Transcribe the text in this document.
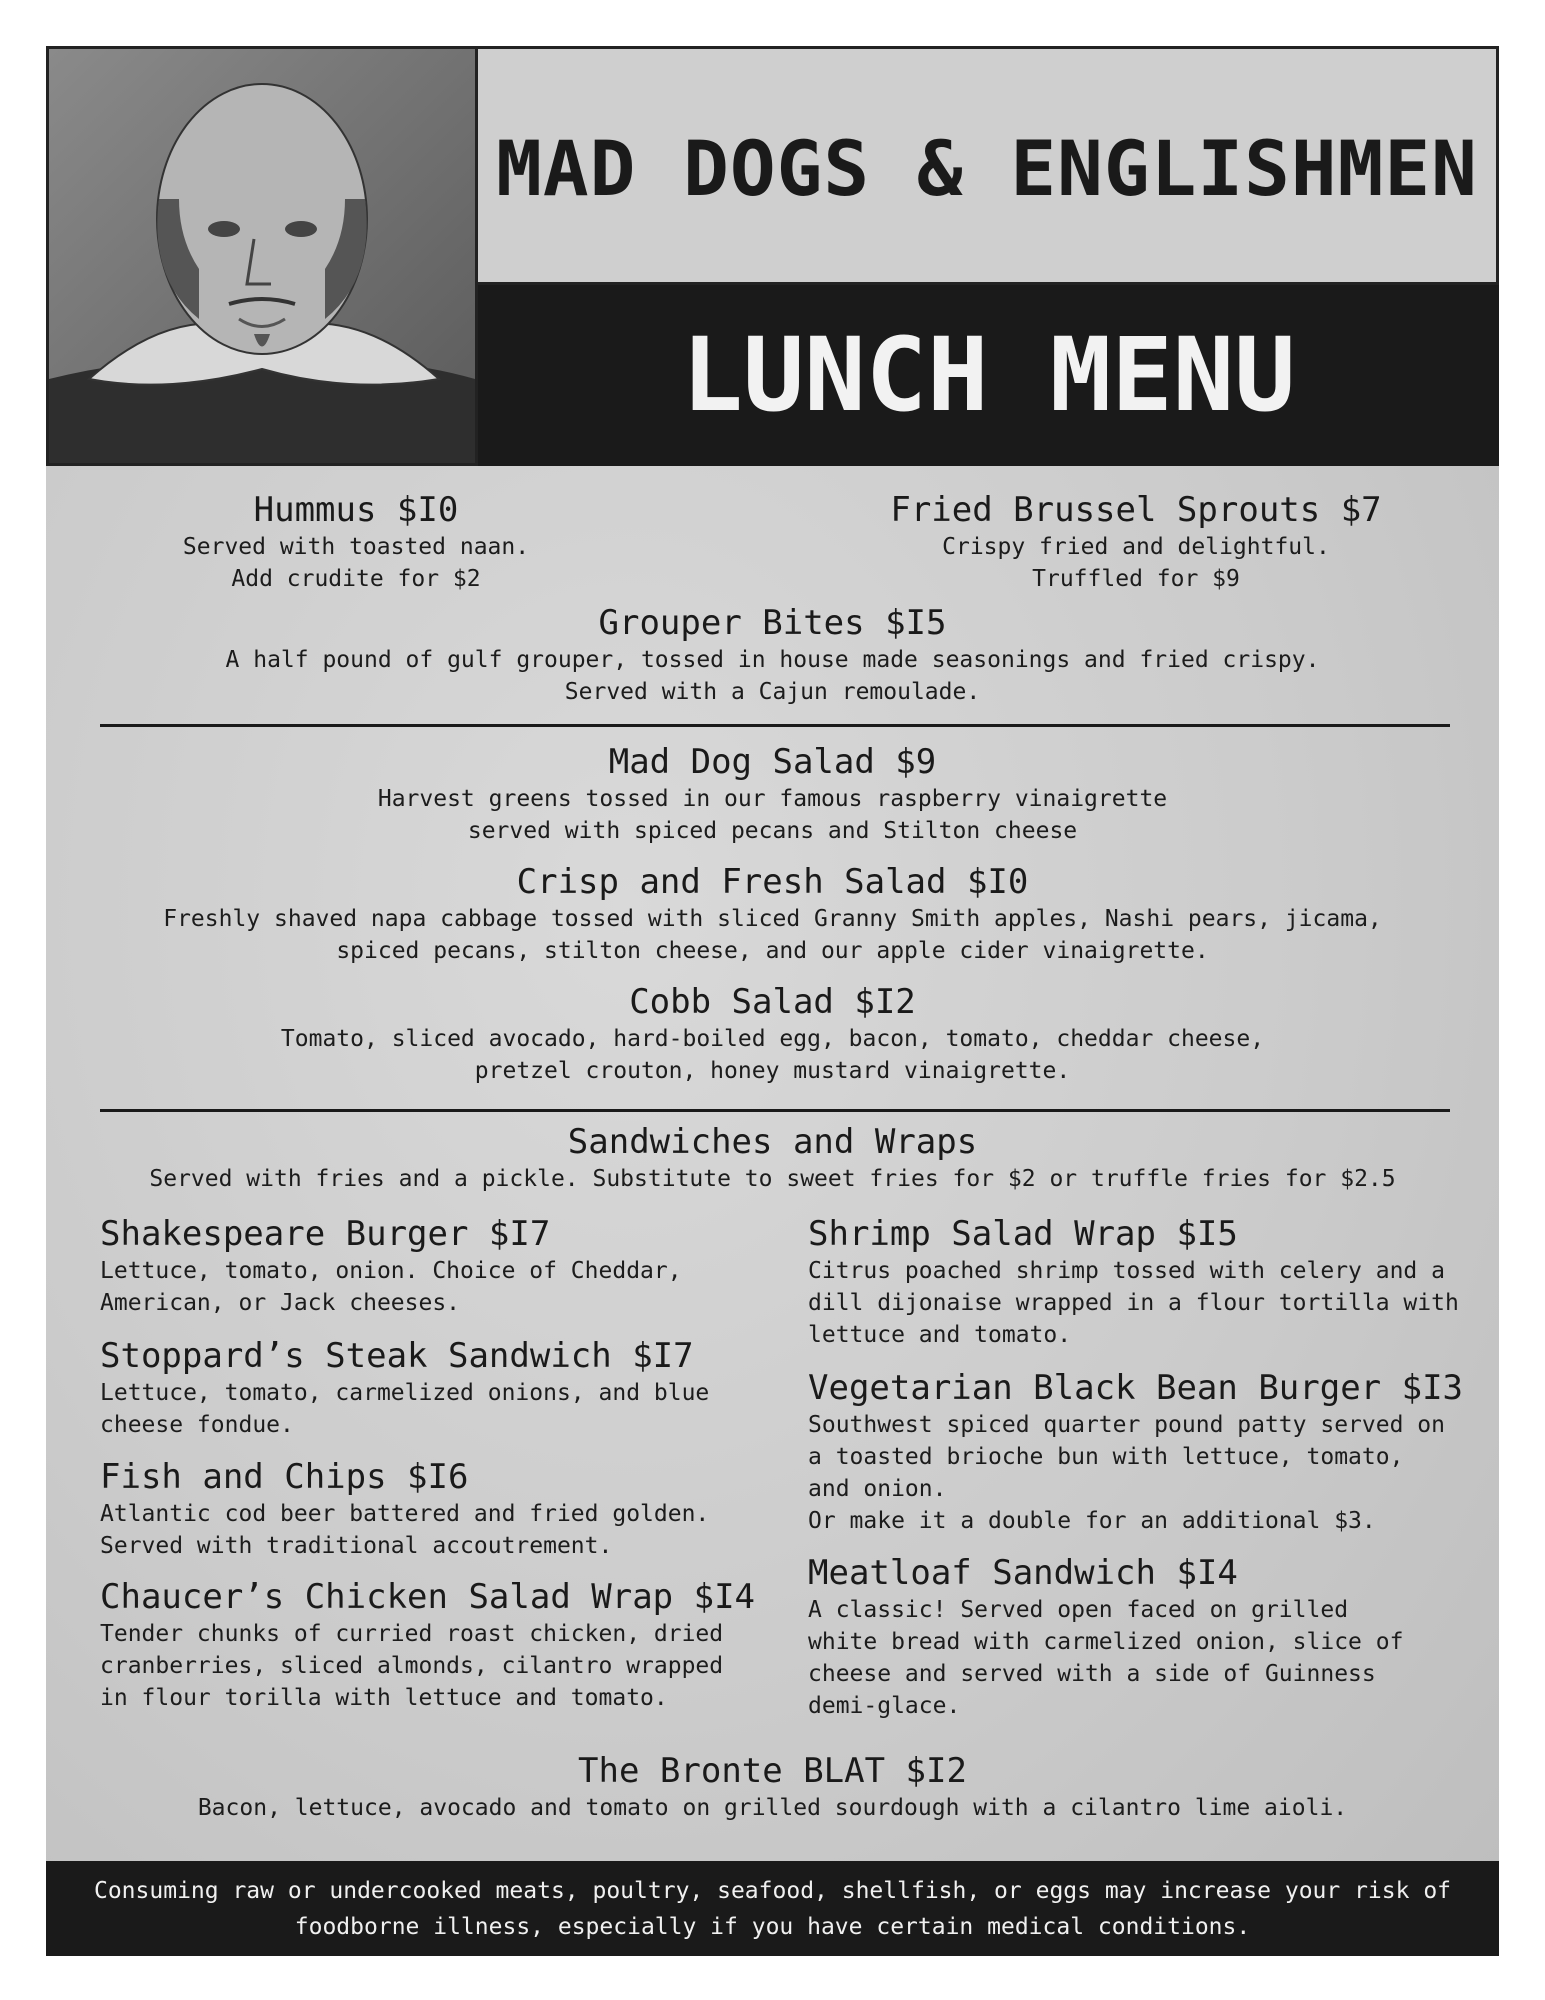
MAD DOGS & ENGLISHMEN
LUNCH MENU
Hummus $I0
Served with toasted naan.
Add crudite for $2
Fried Brussel Sprouts $7
Crispy fried and delightful.
Truffled for $9
Grouper Bites $I5
A half pound of gulf grouper, tossed in house made seasonings and fried crispy.
Served with a Cajun remoulade.
Mad Dog Salad $9
Harvest greens tossed in our famous raspberry vinaigrette
served with spiced pecans and Stilton cheese
Crisp and Fresh Salad $I0
Freshly shaved napa cabbage tossed with sliced Granny Smith apples, Nashi pears, jicama,
spiced pecans, stilton cheese, and our apple cider vinaigrette.
Cobb Salad $I2
Tomato, sliced avocado, hard-boiled egg, bacon, tomato, cheddar cheese,
pretzel crouton, honey mustard vinaigrette.
Sandwiches and Wraps
Served with fries and a pickle. Substitute to sweet fries for $2 or truffle fries for $2.5
Shakespeare Burger $I7
Lettuce, tomato, onion. Choice of Cheddar,
American, or Jack cheeses.
Stoppard’s Steak Sandwich $I7
Lettuce, tomato, carmelized onions, and blue
cheese fondue.
Fish and Chips $I6
Atlantic cod beer battered and fried golden.
Served with traditional accoutrement.
Chaucer’s Chicken Salad Wrap $I4
Tender chunks of curried roast chicken, dried
cranberries, sliced almonds, cilantro wrapped
in flour torilla with lettuce and tomato.
Shrimp Salad Wrap $I5
Citrus poached shrimp tossed with celery and a
dill dijonaise wrapped in a flour tortilla with
lettuce and tomato.
Vegetarian Black Bean Burger $I3
Southwest spiced quarter pound patty served on
a toasted brioche bun with lettuce, tomato,
and onion.
Or make it a double for an additional $3.
Meatloaf Sandwich $I4
A classic! Served open faced on grilled
white bread with carmelized onion, slice of
cheese and served with a side of Guinness
demi-glace.
The Bronte BLAT $I2
Bacon, lettuce, avocado and tomato on grilled sourdough with a cilantro lime aioli.
Consuming raw or undercooked meats, poultry, seafood, shellfish, or eggs may increase your risk of
foodborne illness, especially if you have certain medical conditions.
